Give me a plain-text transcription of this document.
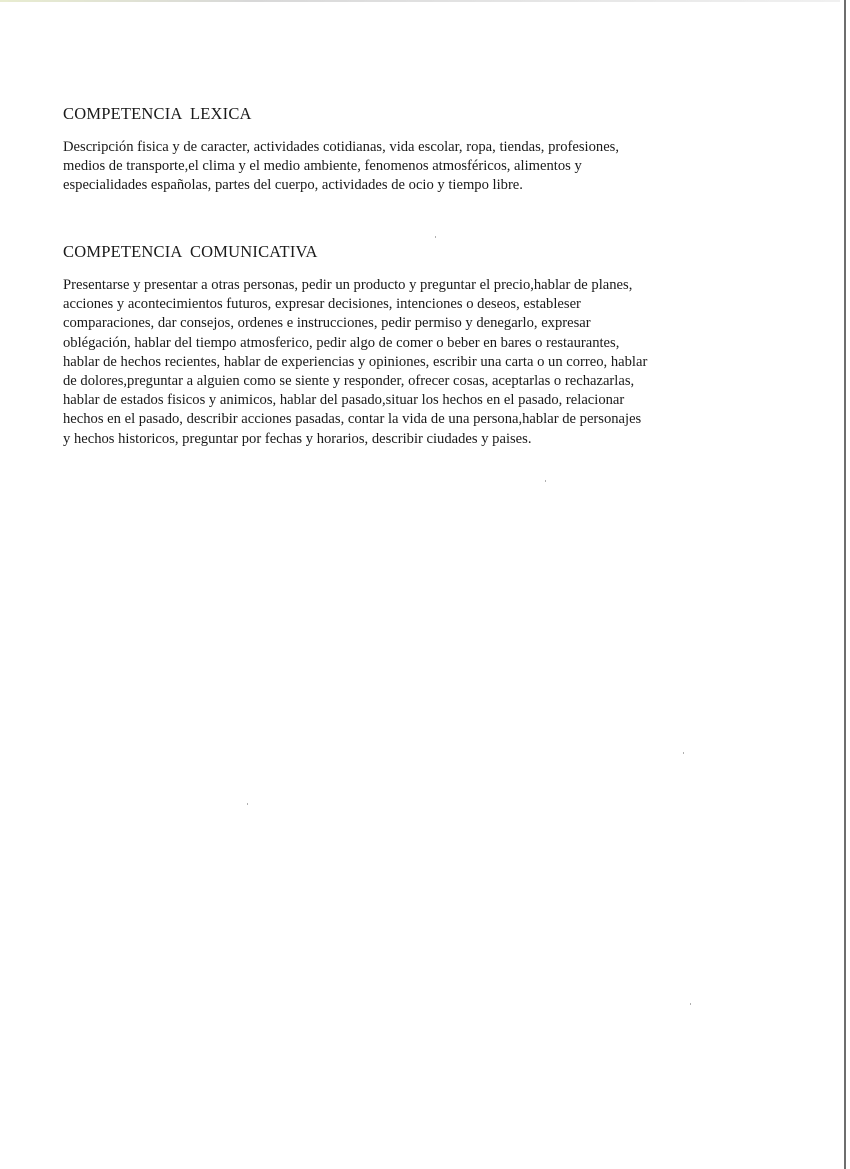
COMPETENCIA LEXICA

Descripción fisica y de caracter, actividades cotidianas, vida escolar, ropa, tiendas, profesiones,
medios de transporte,el clima y el medio ambiente, fenomenos atmosféricos, alimentos y
especialidades españolas, partes del cuerpo, actividades de ocio y tiempo libre.

COMPETENCIA COMUNICATIVA

Presentarse y presentar a otras personas, pedir un producto y preguntar el precio,hablar de planes,
acciones y acontecimientos futuros, expresar decisiones, intenciones o deseos, estableser
comparaciones, dar consejos, ordenes e instrucciones, pedir permiso y denegarlo, expresar
oblégación, hablar del tiempo atmosferico, pedir algo de comer o beber en bares o restaurantes,
hablar de hechos recientes, hablar de experiencias y opiniones, escribir una carta o un correo, hablar
de dolores,preguntar a alguien como se siente y responder, ofrecer cosas, aceptarlas o rechazarlas,
hablar de estados fisicos y animicos, hablar del pasado,situar los hechos en el pasado, relacionar
hechos en el pasado, describir acciones pasadas, contar la vida de una persona,hablar de personajes
y hechos historicos, preguntar por fechas y horarios, describir ciudades y paises.
